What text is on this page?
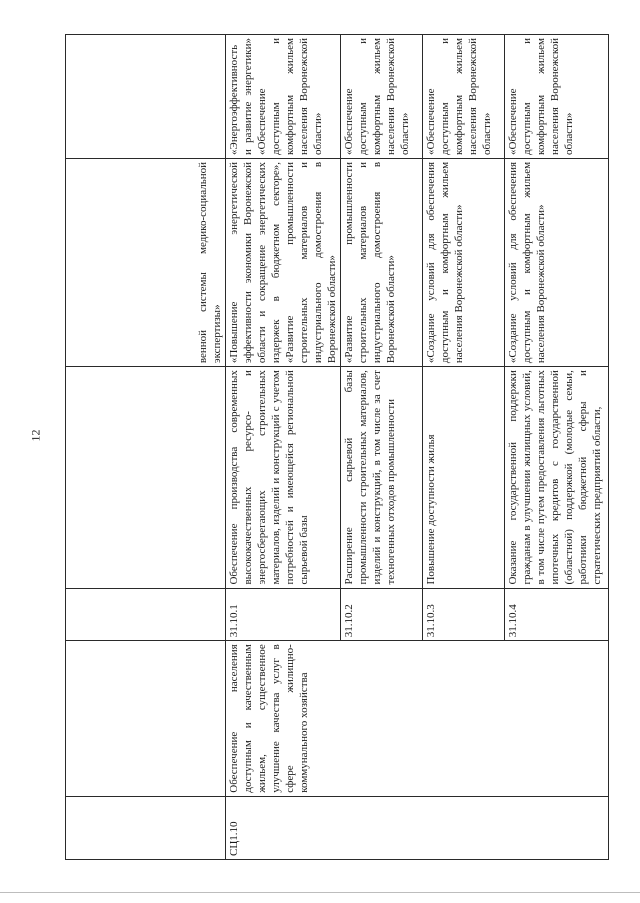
12
				венной системы медико-социальной экспертизы»	
СЦ1.10	Обеспечение населения доступным и качественным жильем, существенное улучшение качества услуг в сфере жилищно-коммунального хозяйства	31.10.1	Обеспечение производства современных высококачественных ресурсо- и энергосберегающих строительных материалов, изделий и конструкций с учетом потребностей и имеющейся региональной сырьевой базы	«Повышение энергетической эффективности экономики Воронежской области и сокращение энергетических издержек в бюджетном секторе», «Развитие промышленности строительных материалов и индустриального домостроения в Воронежской области»	«Энергоэффективность и развитие энергетики» «Обеспечение доступным и комфортным жильем населения Воронежской области»
		31.10.2	Расширение сырьевой базы промышленности строительных материалов, изделий и конструкций, в том числе за счет техногенных отходов промышленности	«Развитие промышленности строительных материалов и индустриального домостроения в Воронежской области»	«Обеспечение доступным и комфортным жильем населения Воронежской области»
		31.10.3	Повышение доступности жилья	«Создание условий для обеспечения доступным и комфортным жильем населения Воронежской области»	«Обеспечение доступным и комфортным жильем населения Воронежской области»
		31.10.4	Оказание государственной поддержки гражданам в улучшении жилищных условий, в том числе путем предоставления льготных ипотечных кредитов с государственной (областной) поддержкой (молодые семьи, работники бюджетной сферы и стратегических предприятий области,	«Создание условий для обеспечения доступным и комфортным жильем населения Воронежской области»	«Обеспечение доступным и комфортным жильем населения Воронежской области»
